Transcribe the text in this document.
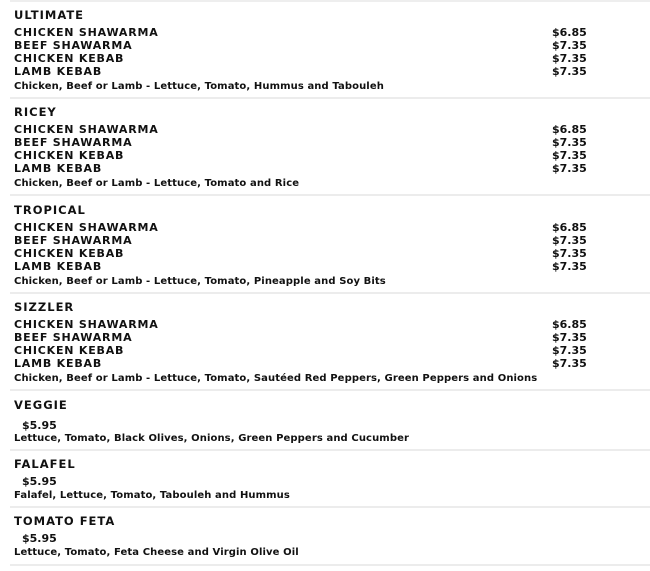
ULTIMATE
CHICKEN SHAWARMA	$6.85
BEEF SHAWARMA	$7.35
CHICKEN KEBAB	$7.35
LAMB KEBAB	$7.35
Chicken, Beef or Lamb - Lettuce, Tomato, Hummus and Tabouleh
RICEY
CHICKEN SHAWARMA	$6.85
BEEF SHAWARMA	$7.35
CHICKEN KEBAB	$7.35
LAMB KEBAB	$7.35
Chicken, Beef or Lamb - Lettuce, Tomato and Rice
TROPICAL
CHICKEN SHAWARMA	$6.85
BEEF SHAWARMA	$7.35
CHICKEN KEBAB	$7.35
LAMB KEBAB	$7.35
Chicken, Beef or Lamb - Lettuce, Tomato, Pineapple and Soy Bits
SIZZLER
CHICKEN SHAWARMA	$6.85
BEEF SHAWARMA	$7.35
CHICKEN KEBAB	$7.35
LAMB KEBAB	$7.35
Chicken, Beef or Lamb - Lettuce, Tomato, Sautéed Red Peppers, Green Peppers and Onions
VEGGIE
$5.95
Lettuce, Tomato, Black Olives, Onions, Green Peppers and Cucumber
FALAFEL
$5.95
Falafel, Lettuce, Tomato, Tabouleh and Hummus
TOMATO FETA
$5.95
Lettuce, Tomato, Feta Cheese and Virgin Olive Oil
